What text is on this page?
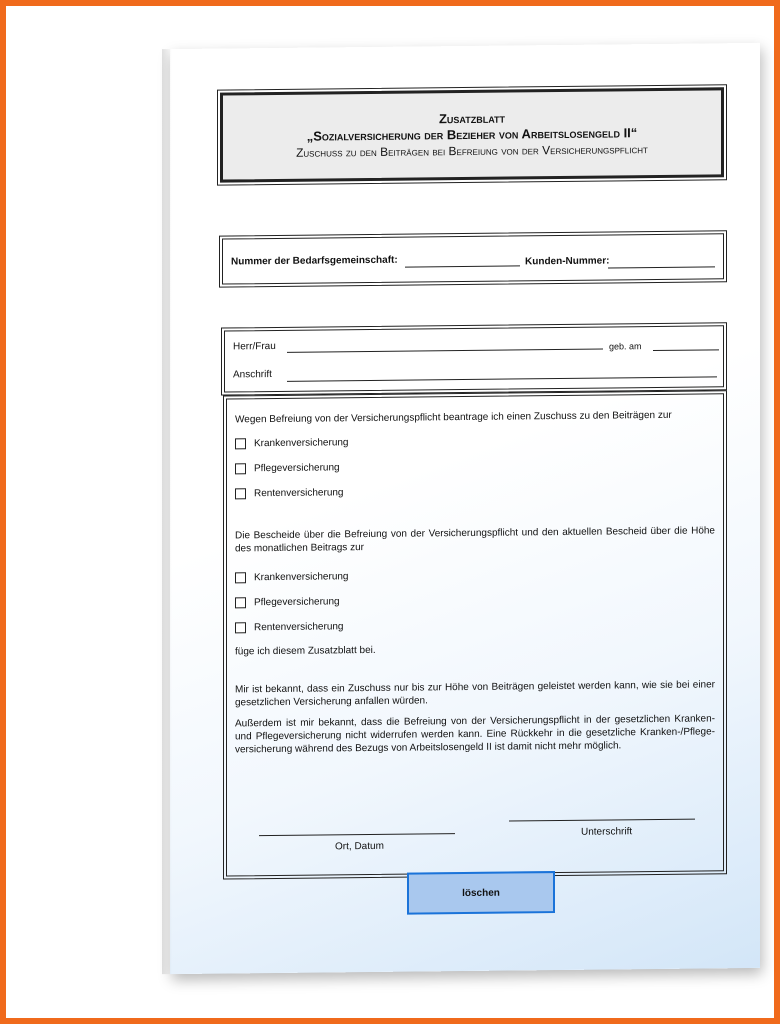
Zusatzblatt
„Sozialversicherung der Bezieher von Arbeitslosengeld II“
Zuschuss zu den Beiträgen bei Befreiung von der Versicherungspflicht
Nummer der Bedarfsgemeinschaft:	Kunden-Nummer:
Herr/Frau	geb. am
Anschrift
Wegen Befreiung von der Versicherungspflicht beantrage ich einen Zuschuss zu den Beiträgen zur
Krankenversicherung
Pflegeversicherung
Rentenversicherung
Die Bescheide über die Befreiung von der Versicherungspflicht und den aktuellen Bescheid über die Höhe des monatlichen Beitrags zur
Krankenversicherung
Pflegeversicherung
Rentenversicherung
füge ich diesem Zusatzblatt bei.
Mir ist bekannt, dass ein Zuschuss nur bis zur Höhe von Beiträgen geleistet werden kann, wie sie bei einer gesetzlichen Versicherung anfallen würden.
Außerdem ist mir bekannt, dass die Befreiung von der Versicherungspflicht in der gesetzlichen Kranken- und Pflegeversicherung nicht widerrufen werden kann. Eine Rückkehr in die gesetzliche Kranken-/Pflege-versicherung während des Bezugs von Arbeitslosengeld II ist damit nicht mehr möglich.
Ort, Datum
Unterschrift
löschen
